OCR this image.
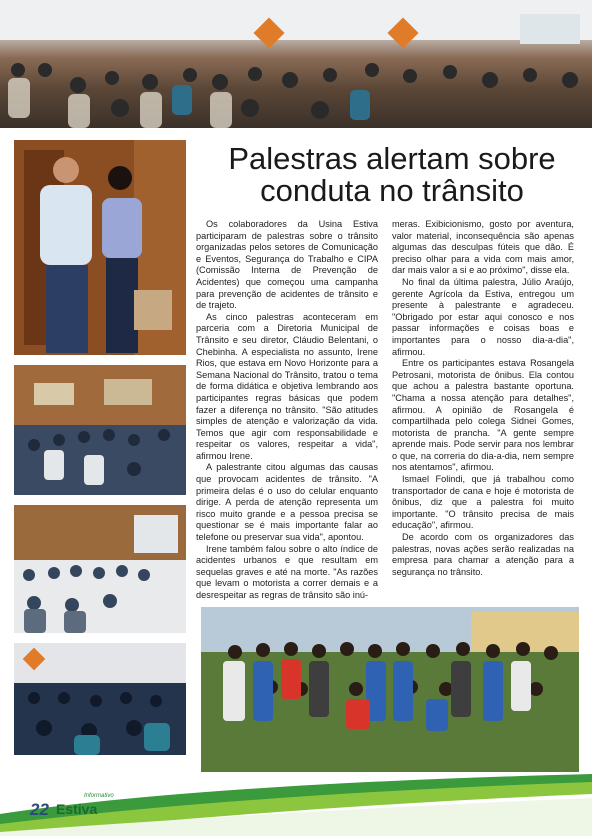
Palestras alertam sobre
conduta no trânsito

Os colaboradores da Usina Estiva participaram de palestras sobre o trânsito organizadas pelos setores de Comunicação e Eventos, Segurança do Trabalho e CIPA (Comissão Interna de Prevenção de Acidentes) que começou uma campanha para prevenção de acidentes de trânsito e de trajeto.

As cinco palestras aconteceram em parceria com a Diretoria Municipal de Trânsito e seu diretor, Cláudio Belentani, o Chebinha. A especialista no assunto, Irene Rios, que estava em Novo Horizonte para a Semana Nacional do Trânsito, tratou o tema de forma didática e objetiva lembrando aos participantes regras básicas que podem fazer a diferença no trânsito. "São atitudes simples de atenção e valorização da vida. Temos que agir com responsabilidade e respeitar os valores, respeitar a vida", afirmou Irene.

A palestrante citou algumas das causas que provocam acidentes de trânsito. "A primeira delas é o uso do celular enquanto dirige. A perda de atenção representa um risco muito grande e a pessoa precisa se questionar se é mais importante falar ao telefone ou preservar sua vida", apontou.

Irene também falou sobre o alto índice de acidentes urbanos e que resultam em sequelas graves e até na morte. "As razões que levam o motorista a correr demais e a desrespeitar as regras de trânsito são inú-

meras. Exibicionismo, gosto por aventura, valor material, inconsequência são apenas algumas das desculpas fúteis que dão. É preciso olhar para a vida com mais amor, dar mais valor a si e ao próximo", disse ela.

No final da última palestra, Júlio Araújo, gerente Agrícola da Estiva, entregou um presente à palestrante e agradeceu. "Obrigado por estar aqui conosco e nos passar informações e coisas boas e importantes para o nosso dia-a-dia", afirmou.

Entre os participantes estava Rosangela Petrosani, motorista de ônibus. Ela contou que achou a palestra bastante oportuna. "Chama a nossa atenção para detalhes", afirmou. A opinião de Rosangela é compartilhada pelo colega Sidnei Gomes, motorista de prancha. "A gente sempre aprende mais. Pode servir para nos lembrar o que, na correria do dia-a-dia, nem sempre nos atentamos", afirmou.

Ismael Folindi, que já trabalhou como transportador de cana e hoje é motorista de ônibus, diz que a palestra foi muito importante. "O trânsito precisa de mais educação", afirmou.

De acordo com os organizadores das palestras, novas ações serão realizadas na empresa para chamar a atenção para a segurança no trânsito.

22
Informativo
Estiva
